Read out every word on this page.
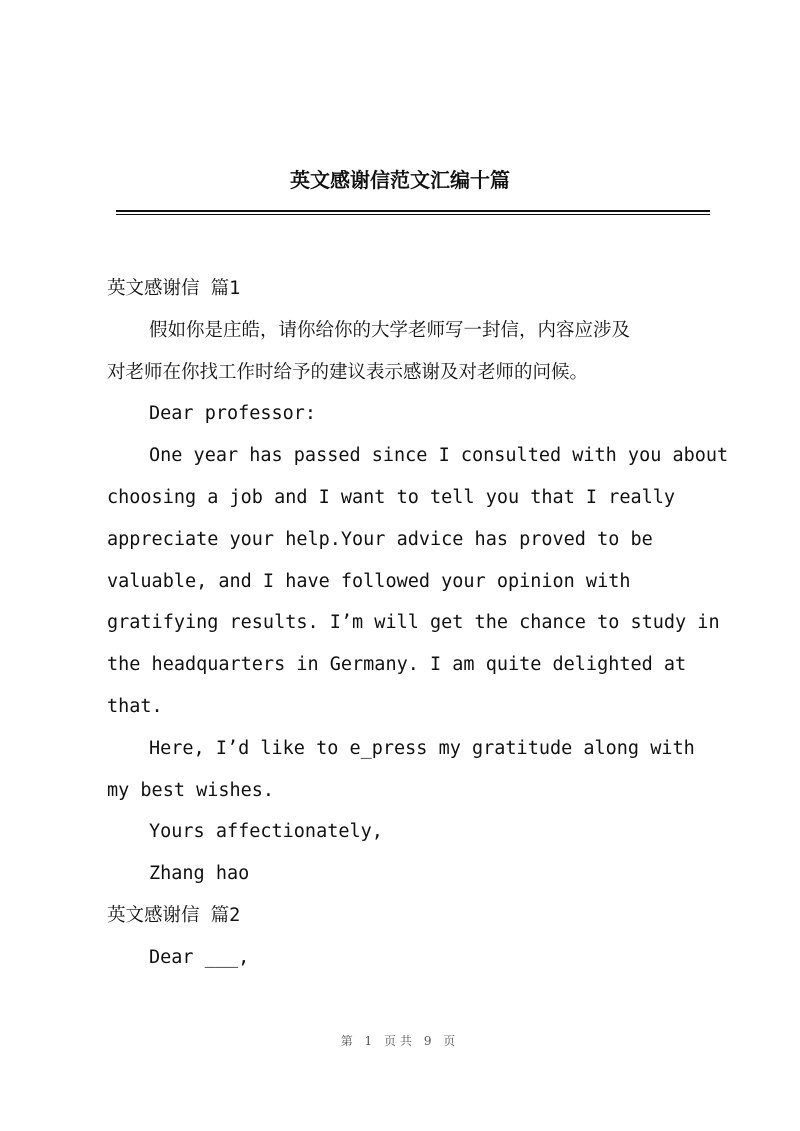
英文感谢信范文汇编十篇
英文感谢信 篇1
假如你是庄皓，请你给你的大学老师写一封信，内容应涉及
对老师在你找工作时给予的建议表示感谢及对老师的问候。
Dear professor:
One year has passed since I consulted with you about
choosing a job and I want to tell you that I really
appreciate your help.Your advice has proved to be
valuable, and I have followed your opinion with
gratifying results. I’m will get the chance to study in
the headquarters in Germany. I am quite delighted at
that.
Here, I’d like to e_press my gratitude along with
my best wishes.
Yours affectionately,
Zhang hao
英文感谢信 篇2
Dear ___,
第 1 页共 9 页
